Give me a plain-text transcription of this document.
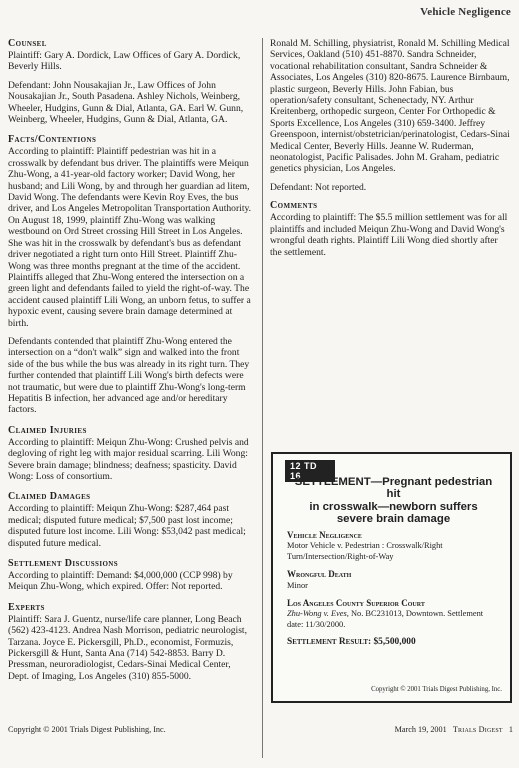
Vehicle Negligence
Counsel

Plaintiff: Gary A. Dordick, Law Offices of Gary A. Dordick, Beverly Hills.

Defendant: John Nousakajian Jr., Law Offices of John Nousakajian Jr., South Pasadena. Ashley Nichols, Weinberg, Wheeler, Hudgins, Gunn & Dial, Atlanta, GA. Earl W. Gunn, Weinberg, Wheeler, Hudgins, Gunn & Dial, Atlanta, GA.

Facts/Contentions

According to plaintiff: Plaintiff pedestrian was hit in a crosswalk by defendant bus driver. The plaintiffs were Meiqun Zhu-Wong, a 41-year-old factory worker; David Wong, her husband; and Lili Wong, by and through her guardian ad litem, David Wong. The defendants were Kevin Roy Eves, the bus driver, and Los Angeles Metropolitan Transportation Authority. On August 18, 1999, plaintiff Zhu-Wong was walking westbound on Ord Street crossing Hill Street in Los Angeles. She was hit in the crosswalk by defendant's bus as defendant driver negotiated a right turn onto Hill Street. Plaintiff Zhu-Wong was three months pregnant at the time of the accident. Plaintiffs alleged that Zhu-Wong entered the intersection on a green light and defendants failed to yield the right-of-way. The accident caused plaintiff Lili Wong, an unborn fetus, to suffer a hypoxic event, causing severe brain damage determined at birth.

Defendants contended that plaintiff Zhu-Wong entered the intersection on a “don't walk” sign and walked into the front side of the bus while the bus was already in its right turn. They further contended that plaintiff Lili Wong's birth defects were not traumatic, but were due to plaintiff Zhu-Wong's long-term Hepatitis B infection, her advanced age and/or hereditary factors.

Claimed Injuries

According to plaintiff: Meiqun Zhu-Wong: Crushed pelvis and degloving of right leg with major residual scarring. Lili Wong: Severe brain damage; blindness; deafness; spasticity. David Wong: Loss of consortium.

Claimed Damages

According to plaintiff: Meiqun Zhu-Wong: $287,464 past medical; disputed future medical; $7,500 past lost income; disputed future lost income. Lili Wong: $53,042 past medical; disputed future medical.

Settlement Discussions

According to plaintiff: Demand: $4,000,000 (CCP 998) by Meiqun Zhu-Wong, which expired. Offer: Not reported.

Experts

Plaintiff: Sara J. Guentz, nurse/life care planner, Long Beach (562) 423-4123. Andrea Nash Morrison, pediatric neurologist, Tarzana. Joyce E. Pickersgill, Ph.D., economist, Formuzis, Pickersgill & Hunt, Santa Ana (714) 542-8853. Barry D. Pressman, neuroradiologist, Cedars-Sinai Medical Center, Dept. of Imaging, Los Angeles (310) 855-5000.

Ronald M. Schilling, physiatrist, Ronald M. Schilling Medical Services, Oakland (510) 451-8870. Sandra Schneider, vocational rehabilitation consultant, Sandra Schneider & Associates, Los Angeles (310) 820-8675. Laurence Birnbaum, plastic surgeon, Beverly Hills. John Fabian, bus operation/safety consultant, Schenectady, NY. Arthur Kreitenberg, orthopedic surgeon, Center For Orthopedic & Sports Excellence, Los Angeles (310) 659-3400. Jeffrey Greenspoon, internist/obstetrician/perinatologist, Cedars-Sinai Medical Center, Beverly Hills. Jeanne W. Ruderman, neonatologist, Pacific Palisades. John M. Graham, pediatric genetics physician, Los Angeles.

Defendant: Not reported.

Comments

According to plaintiff: The $5.5 million settlement was for all plaintiffs and included Meiqun Zhu-Wong and David Wong's wrongful death rights. Plaintiff Lili Wong died shortly after the settlement.

12 TD 16
SETTLEMENT—Pregnant pedestrian hit
in crosswalk—newborn suffers
severe brain damage

Vehicle Negligence
Motor Vehicle v. Pedestrian : Crosswalk/Right Turn/Intersection/Right-of-Way

Wrongful Death
Minor

Los Angeles County Superior Court
Zhu-Wong v. Eves, No. BC231013, Downtown. Settlement date: 11/30/2000.

Settlement Result: $5,500,000

Copyright © 2001 Trials Digest Publishing, Inc.
Copyright © 2001 Trials Digest Publishing, Inc.	March 19, 2001 Trials Digest 1
